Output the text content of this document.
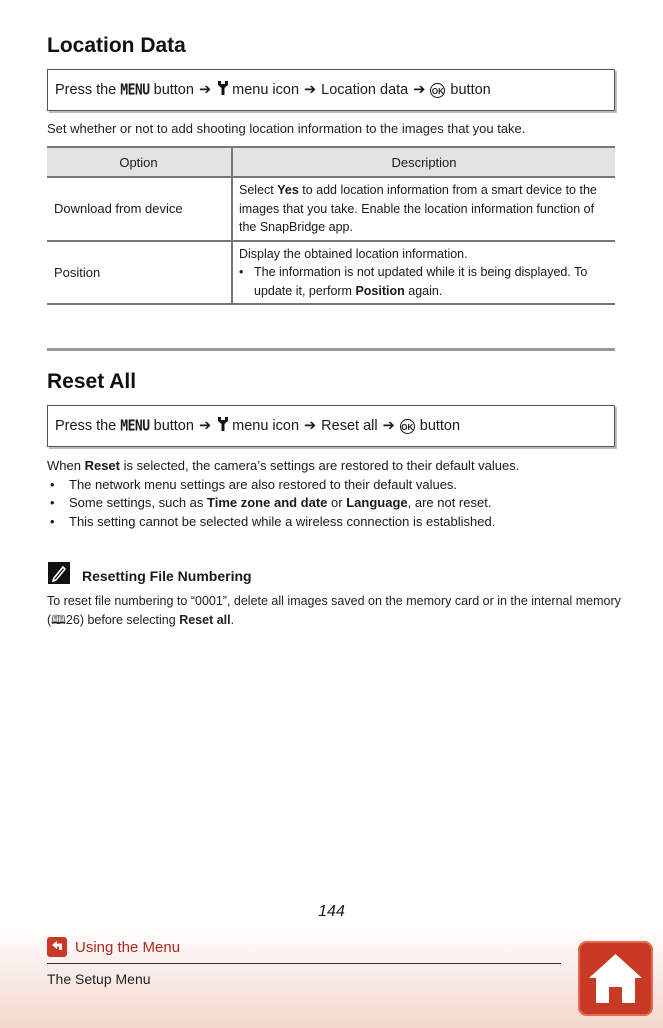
Location Data
Press the
MENU
button ➔ menu icon ➔ Location data ➔ OK button
Set whether or not to add shooting location information to the images that you take.
Option	Description
Download from device	Select Yes to add location information from a smart device to the images that you take. Enable the location information function of the SnapBridge app.
Position	Display the obtained location information.
• The information is not updated while it is being displayed. To update it, perform Position again.
Reset All
Press the
MENU
button ➔ menu icon ➔ Reset all ➔ OK button
When Reset is selected, the camera’s settings are restored to their default values.
•	The network menu settings are also restored to their default values.
•	Some settings, such as Time zone and date or Language, are not reset.
•	This setting cannot be selected while a wireless connection is established.
Resetting File Numbering
To reset file numbering to “0001”, delete all images saved on the memory card or in the internal memory (🕮26) before selecting Reset all.
144
Using the Menu
The Setup Menu
